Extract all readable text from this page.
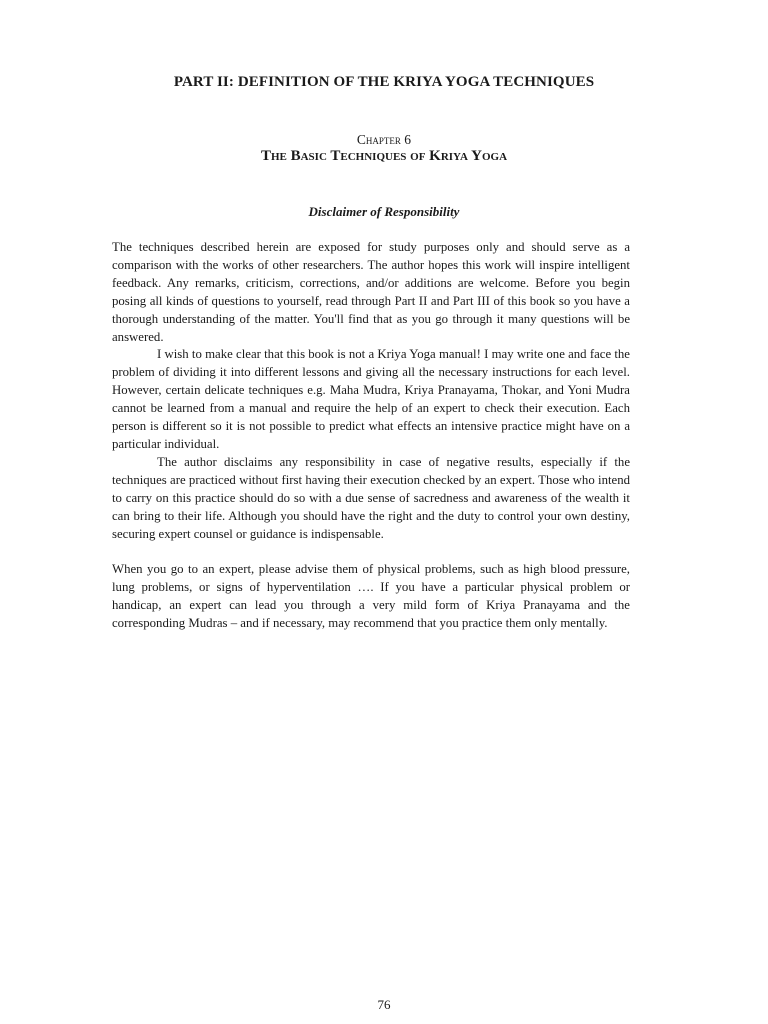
PART II: DEFINITION OF THE KRIYA YOGA TECHNIQUES
Chapter 6
The Basic Techniques of Kriya Yoga
Disclaimer of Responsibility

The techniques described herein are exposed for study purposes only and should serve as a comparison with the works of other researchers. The author hopes this work will inspire intelligent feedback. Any remarks, criticism, corrections, and/or additions are welcome. Before you begin posing all kinds of questions to yourself, read through Part II and Part III of this book so you have a thorough understanding of the matter. You'll find that as you go through it many questions will be answered.

I wish to make clear that this book is not a Kriya Yoga manual! I may write one and face the problem of dividing it into different lessons and giving all the necessary instructions for each level. However, certain delicate techniques e.g. Maha Mudra, Kriya Pranayama, Thokar, and Yoni Mudra cannot be learned from a manual and require the help of an expert to check their execution. Each person is different so it is not possible to predict what effects an intensive practice might have on a particular individual.

The author disclaims any responsibility in case of negative results, especially if the techniques are practiced without first having their execution checked by an expert. Those who intend to carry on this practice should do so with a due sense of sacredness and awareness of the wealth it can bring to their life. Although you should have the right and the duty to control your own destiny, securing expert counsel or guidance is indispensable.

When you go to an expert, please advise them of physical problems, such as high blood pressure, lung problems, or signs of hyperventilation …. If you have a particular physical problem or handicap, an expert can lead you through a very mild form of Kriya Pranayama and the corresponding Mudras – and if necessary, may recommend that you practice them only mentally.

76
